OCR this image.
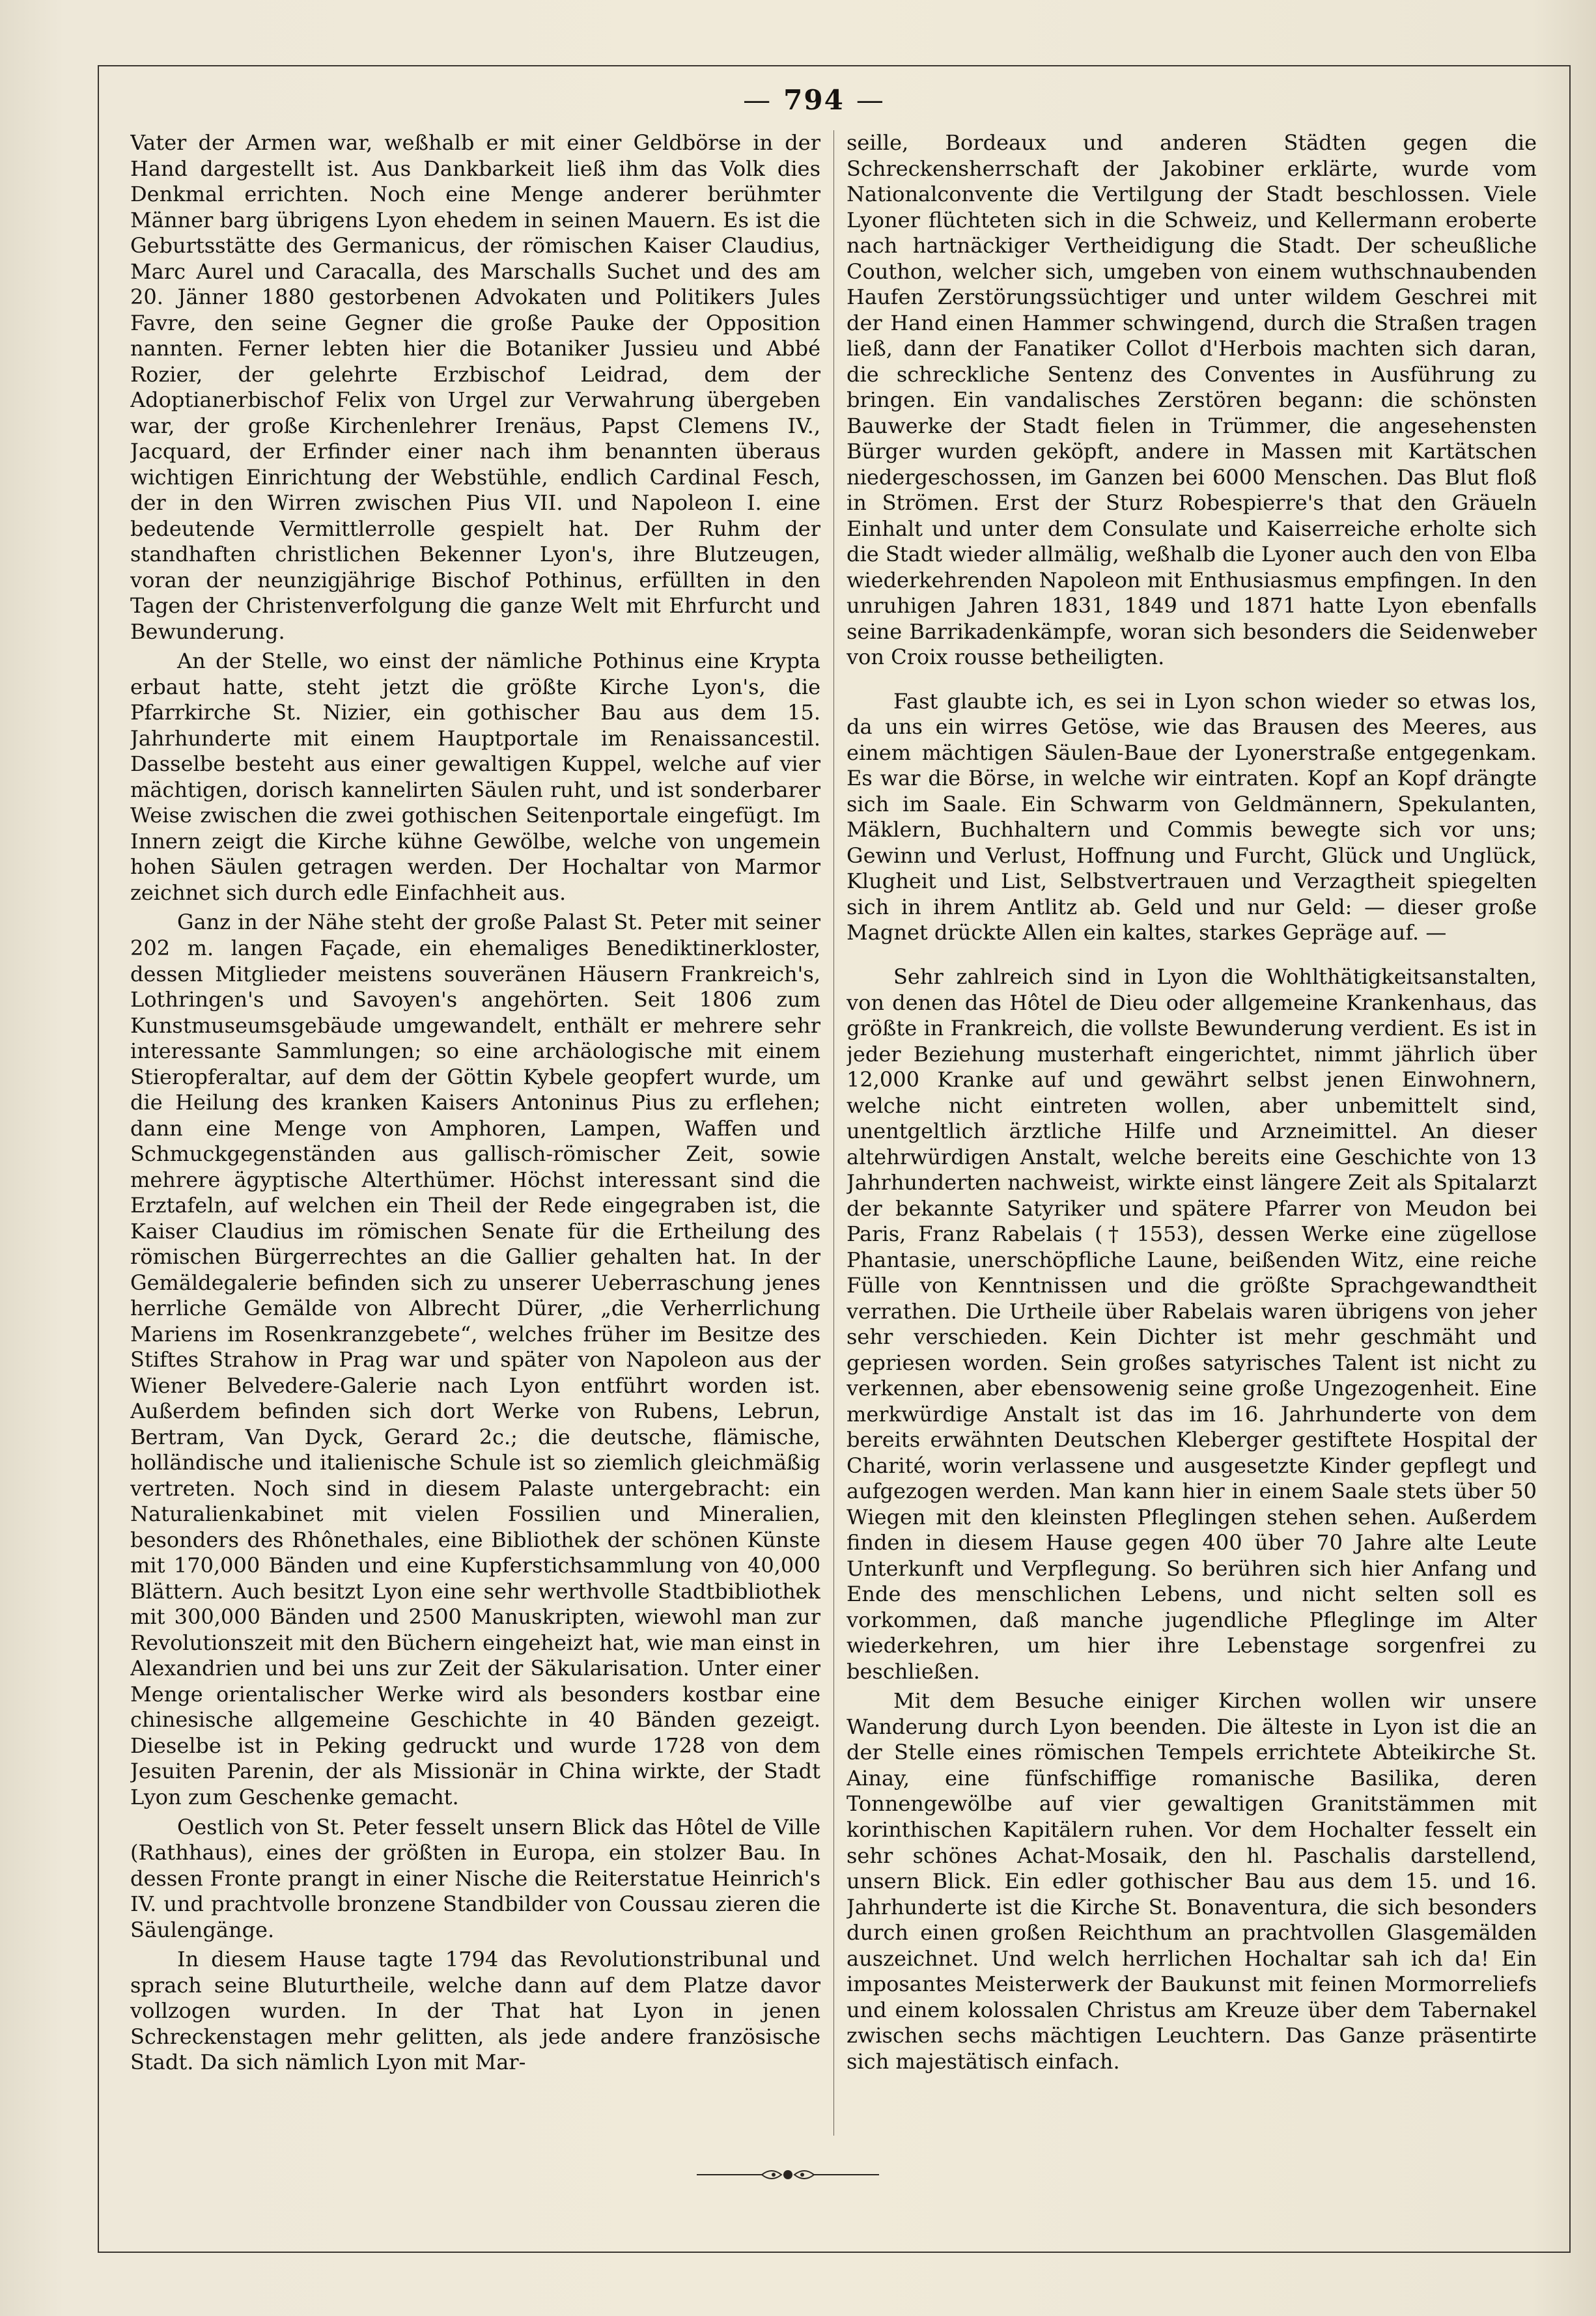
— 794 —

Vater der Armen war, weßhalb er mit einer Geldbörse in der Hand dargestellt ist. Aus Dankbarkeit ließ ihm das Volk dies Denkmal errichten. Noch eine Menge anderer berühmter Männer barg übrigens Lyon ehedem in seinen Mauern. Es ist die Geburtsstätte des Germanicus, der römischen Kaiser Claudius, Marc Aurel und Caracalla, des Marschalls Suchet und des am 20. Jänner 1880 gestorbenen Advokaten und Politikers Jules Favre, den seine Gegner die große Pauke der Opposition nannten. Ferner lebten hier die Botaniker Jussieu und Abbé Rozier, der gelehrte Erzbischof Leidrad, dem der Adoptianerbischof Felix von Urgel zur Verwahrung übergeben war, der große Kirchenlehrer Irenäus, Papst Clemens IV., Jacquard, der Erfinder einer nach ihm benannten überaus wichtigen Einrichtung der Webstühle, endlich Cardinal Fesch, der in den Wirren zwischen Pius VII. und Napoleon I. eine bedeutende Vermittlerrolle gespielt hat. Der Ruhm der standhaften christlichen Bekenner Lyon's, ihre Blutzeugen, voran der neunzigjährige Bischof Pothinus, erfüllten in den Tagen der Christenverfolgung die ganze Welt mit Ehrfurcht und Bewunderung.

An der Stelle, wo einst der nämliche Pothinus eine Krypta erbaut hatte, steht jetzt die größte Kirche Lyon's, die Pfarrkirche St. Nizier, ein gothischer Bau aus dem 15. Jahrhunderte mit einem Hauptportale im Renaissancestil. Dasselbe besteht aus einer gewaltigen Kuppel, welche auf vier mächtigen, dorisch kannelirten Säulen ruht, und ist sonderbarer Weise zwischen die zwei gothischen Seitenportale eingefügt. Im Innern zeigt die Kirche kühne Gewölbe, welche von ungemein hohen Säulen getragen werden. Der Hochaltar von Marmor zeichnet sich durch edle Einfachheit aus.

Ganz in der Nähe steht der große Palast St. Peter mit seiner 202 m. langen Façade, ein ehemaliges Benediktinerkloster, dessen Mitglieder meistens souveränen Häusern Frankreich's, Lothringen's und Savoyen's angehörten. Seit 1806 zum Kunstmuseumsgebäude umgewandelt, enthält er mehrere sehr interessante Sammlungen; so eine archäologische mit einem Stieropferaltar, auf dem der Göttin Kybele geopfert wurde, um die Heilung des kranken Kaisers Antoninus Pius zu erflehen; dann eine Menge von Amphoren, Lampen, Waffen und Schmuckgegenständen aus gallisch-römischer Zeit, sowie mehrere ägyptische Alterthümer. Höchst interessant sind die Erztafeln, auf welchen ein Theil der Rede eingegraben ist, die Kaiser Claudius im römischen Senate für die Ertheilung des römischen Bürgerrechtes an die Gallier gehalten hat. In der Gemäldegalerie befinden sich zu unserer Ueberraschung jenes herrliche Gemälde von Albrecht Dürer, „die Verherrlichung Mariens im Rosenkranzgebete“, welches früher im Besitze des Stiftes Strahow in Prag war und später von Napoleon aus der Wiener Belvedere-Galerie nach Lyon entführt worden ist. Außerdem befinden sich dort Werke von Rubens, Lebrun, Bertram, Van Dyck, Gerard 2c.; die deutsche, flämische, holländische und italienische Schule ist so ziemlich gleichmäßig vertreten. Noch sind in diesem Palaste untergebracht: ein Naturalienkabinet mit vielen Fossilien und Mineralien, besonders des Rhônethales, eine Bibliothek der schönen Künste mit 170,000 Bänden und eine Kupferstichsammlung von 40,000 Blättern. Auch besitzt Lyon eine sehr werthvolle Stadtbibliothek mit 300,000 Bänden und 2500 Manuskripten, wiewohl man zur Revolutionszeit mit den Büchern eingeheizt hat, wie man einst in Alexandrien und bei uns zur Zeit der Säkularisation. Unter einer Menge orientalischer Werke wird als besonders kostbar eine chinesische allgemeine Geschichte in 40 Bänden gezeigt. Dieselbe ist in Peking gedruckt und wurde 1728 von dem Jesuiten Parenin, der als Missionär in China wirkte, der Stadt Lyon zum Geschenke gemacht.

Oestlich von St. Peter fesselt unsern Blick das Hôtel de Ville (Rathhaus), eines der größten in Europa, ein stolzer Bau. In dessen Fronte prangt in einer Nische die Reiterstatue Heinrich's IV. und prachtvolle bronzene Standbilder von Coussau zieren die Säulengänge.

In diesem Hause tagte 1794 das Revolutionstribunal und sprach seine Bluturtheile, welche dann auf dem Platze davor vollzogen wurden. In der That hat Lyon in jenen Schreckenstagen mehr gelitten, als jede andere französische Stadt. Da sich nämlich Lyon mit Mar-

seille, Bordeaux und anderen Städten gegen die Schreckensherrschaft der Jakobiner erklärte, wurde vom Nationalconvente die Vertilgung der Stadt beschlossen. Viele Lyoner flüchteten sich in die Schweiz, und Kellermann eroberte nach hartnäckiger Vertheidigung die Stadt. Der scheußliche Couthon, welcher sich, umgeben von einem wuthschnaubenden Haufen Zerstörungssüchtiger und unter wildem Geschrei mit der Hand einen Hammer schwingend, durch die Straßen tragen ließ, dann der Fanatiker Collot d'Herbois machten sich daran, die schreckliche Sentenz des Conventes in Ausführung zu bringen. Ein vandalisches Zerstören begann: die schönsten Bauwerke der Stadt fielen in Trümmer, die angesehensten Bürger wurden geköpft, andere in Massen mit Kartätschen niedergeschossen, im Ganzen bei 6000 Menschen. Das Blut floß in Strömen. Erst der Sturz Robespierre's that den Gräueln Einhalt und unter dem Consulate und Kaiserreiche erholte sich die Stadt wieder allmälig, weßhalb die Lyoner auch den von Elba wiederkehrenden Napoleon mit Enthusiasmus empfingen. In den unruhigen Jahren 1831, 1849 und 1871 hatte Lyon ebenfalls seine Barrikadenkämpfe, woran sich besonders die Seidenweber von Croix rousse betheiligten.

Fast glaubte ich, es sei in Lyon schon wieder so etwas los, da uns ein wirres Getöse, wie das Brausen des Meeres, aus einem mächtigen Säulen-Baue der Lyonerstraße entgegenkam. Es war die Börse, in welche wir eintraten. Kopf an Kopf drängte sich im Saale. Ein Schwarm von Geldmännern, Spekulanten, Mäklern, Buchhaltern und Commis bewegte sich vor uns; Gewinn und Verlust, Hoffnung und Furcht, Glück und Unglück, Klugheit und List, Selbstvertrauen und Verzagtheit spiegelten sich in ihrem Antlitz ab. Geld und nur Geld: — dieser große Magnet drückte Allen ein kaltes, starkes Gepräge auf. —

Sehr zahlreich sind in Lyon die Wohlthätigkeitsanstalten, von denen das Hôtel de Dieu oder allgemeine Krankenhaus, das größte in Frankreich, die vollste Bewunderung verdient. Es ist in jeder Beziehung musterhaft eingerichtet, nimmt jährlich über 12,000 Kranke auf und gewährt selbst jenen Einwohnern, welche nicht eintreten wollen, aber unbemittelt sind, unentgeltlich ärztliche Hilfe und Arzneimittel. An dieser altehrwürdigen Anstalt, welche bereits eine Geschichte von 13 Jahrhunderten nachweist, wirkte einst längere Zeit als Spitalarzt der bekannte Satyriker und spätere Pfarrer von Meudon bei Paris, Franz Rabelais († 1553), dessen Werke eine zügellose Phantasie, unerschöpfliche Laune, beißenden Witz, eine reiche Fülle von Kenntnissen und die größte Sprachgewandtheit verrathen. Die Urtheile über Rabelais waren übrigens von jeher sehr verschieden. Kein Dichter ist mehr geschmäht und gepriesen worden. Sein großes satyrisches Talent ist nicht zu verkennen, aber ebensowenig seine große Ungezogenheit. Eine merkwürdige Anstalt ist das im 16. Jahrhunderte von dem bereits erwähnten Deutschen Kleberger gestiftete Hospital der Charité, worin verlassene und ausgesetzte Kinder gepflegt und aufgezogen werden. Man kann hier in einem Saale stets über 50 Wiegen mit den kleinsten Pfleglingen stehen sehen. Außerdem finden in diesem Hause gegen 400 über 70 Jahre alte Leute Unterkunft und Verpflegung. So berühren sich hier Anfang und Ende des menschlichen Lebens, und nicht selten soll es vorkommen, daß manche jugendliche Pfleglinge im Alter wiederkehren, um hier ihre Lebenstage sorgenfrei zu beschließen.

Mit dem Besuche einiger Kirchen wollen wir unsere Wanderung durch Lyon beenden. Die älteste in Lyon ist die an der Stelle eines römischen Tempels errichtete Abteikirche St. Ainay, eine fünfschiffige romanische Basilika, deren Tonnengewölbe auf vier gewaltigen Granitstämmen mit korinthischen Kapitälern ruhen. Vor dem Hochalter fesselt ein sehr schönes Achat-Mosaik, den hl. Paschalis darstellend, unsern Blick. Ein edler gothischer Bau aus dem 15. und 16. Jahrhunderte ist die Kirche St. Bonaventura, die sich besonders durch einen großen Reichthum an prachtvollen Glasgemälden auszeichnet. Und welch herrlichen Hochaltar sah ich da! Ein imposantes Meisterwerk der Baukunst mit feinen Mormorreliefs und einem kolossalen Christus am Kreuze über dem Tabernakel zwischen sechs mächtigen Leuchtern. Das Ganze präsentirte sich majestätisch einfach.
